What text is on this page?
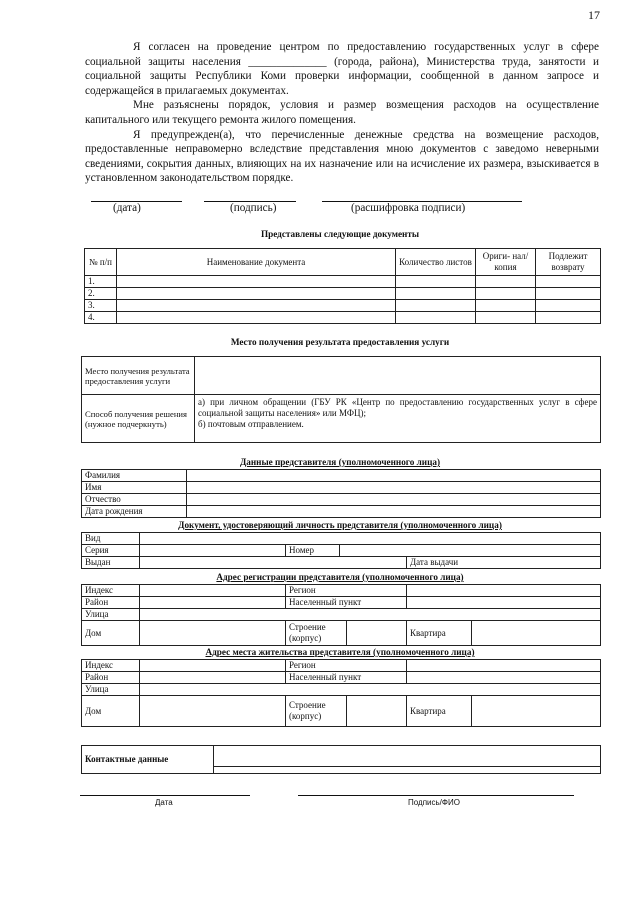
17

Я согласен на проведение центром по предоставлению государственных услуг в сфере социальной защиты населения ______________ (города, района), Министерства труда, занятости и социальной защиты Республики Коми проверки информации, сообщенной в данном запросе и содержащейся в прилагаемых документах.

Мне разъяснены порядок, условия и размер возмещения расходов на осуществление капитального или текущего ремонта жилого помещения.

Я предупрежден(а), что перечисленные денежные средства на возмещение расходов, предоставленные неправомерно вследствие представления мною документов с заведомо неверными сведениями, сокрытия данных, влияющих на их назначение или на исчисление их размера, взыскивается в установленном законодательством порядке.

(дата)	(подпись)	(расшифровка подписи)
Представлены следующие документы
№ п/п	Наименование документа	Количество листов	Ориги- нал/копия	Подлежит возврату
1.				
2.				
3.				
4.				
Место получения результата предоставления услуги
Место получения результата предоставления услуги	
Способ получения решения (нужное подчеркнуть)	а) при личном обращении (ГБУ РК «Центр по предоставлению государственных услуг в сфере социальной защиты населения» или МФЦ);
б) почтовым отправлением.
Данные представителя (уполномоченного лица)
Фамилия	
Имя	
Отчество	
Дата рождения	
Документ, удостоверяющий личность представителя (уполномоченного лица)
Вид				
Серия		Номер		
Выдан				Дата выдачи
Адрес регистрации представителя (уполномоченного лица)
Индекс		Регион	
Район		Населенный пункт	
Улица			
Дом		Строение (корпус)	Квартира
Адрес места жительства представителя (уполномоченного лица)
Индекс		Регион	
Район		Населенный пункт	
Улица			
Дом		Строение (корпус)	Квартира
Контактные данные	
Дата	Подпись/ФИО
